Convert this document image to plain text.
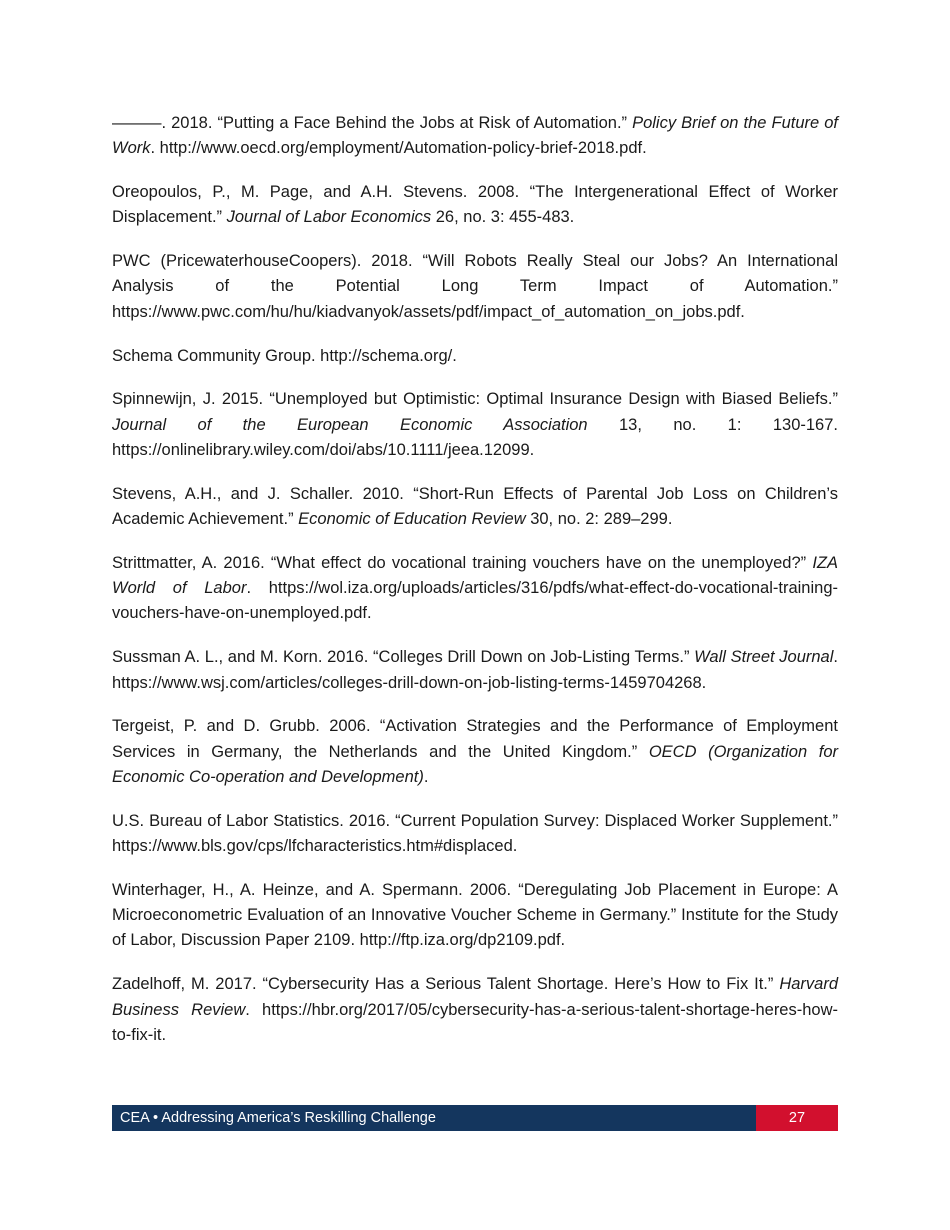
———. 2018. “Putting a Face Behind the Jobs at Risk of Automation.” Policy Brief on the Future of Work. http://www.oecd.org/employment/Automation-policy-brief-2018.pdf.

Oreopoulos, P., M. Page, and A.H. Stevens. 2008. “The Intergenerational Effect of Worker Displacement.” Journal of Labor Economics 26, no. 3: 455-483.

PWC (PricewaterhouseCoopers). 2018. “Will Robots Really Steal our Jobs? An International Analysis of the Potential Long Term Impact of Automation.” https://www.pwc.com/hu/hu/kiadvanyok/assets/pdf/impact_of_automation_on_jobs.pdf.

Schema Community Group. http://schema.org/.

Spinnewijn, J. 2015. “Unemployed but Optimistic: Optimal Insurance Design with Biased Beliefs.” Journal of the European Economic Association 13, no. 1: 130-167. https://onlinelibrary.wiley.com/doi/abs/10.1111/jeea.12099.

Stevens, A.H., and J. Schaller. 2010. “Short-Run Effects of Parental Job Loss on Children’s Academic Achievement.” Economic of Education Review 30, no. 2: 289–299.

Strittmatter, A. 2016. “What effect do vocational training vouchers have on the unemployed?” IZA World of Labor. https://wol.iza.org/uploads/articles/316/pdfs/what-effect-do-vocational-training-vouchers-have-on-unemployed.pdf.

Sussman A. L., and M. Korn. 2016. “Colleges Drill Down on Job-Listing Terms.” Wall Street Journal. https://www.wsj.com/articles/colleges-drill-down-on-job-listing-terms-1459704268.

Tergeist, P. and D. Grubb. 2006. “Activation Strategies and the Performance of Employment Services in Germany, the Netherlands and the United Kingdom.” OECD (Organization for Economic Co-operation and Development).

U.S. Bureau of Labor Statistics. 2016. “Current Population Survey: Displaced Worker Supplement.” https://www.bls.gov/cps/lfcharacteristics.htm#displaced.

Winterhager, H., A. Heinze, and A. Spermann. 2006. “Deregulating Job Placement in Europe: A Microeconometric Evaluation of an Innovative Voucher Scheme in Germany.” Institute for the Study of Labor, Discussion Paper 2109. http://ftp.iza.org/dp2109.pdf.

Zadelhoff, M. 2017. “Cybersecurity Has a Serious Talent Shortage. Here’s How to Fix It.” Harvard Business Review. https://hbr.org/2017/05/cybersecurity-has-a-serious-talent-shortage-heres-how-to-fix-it.

CEA • Addressing America’s Reskilling Challenge	27
